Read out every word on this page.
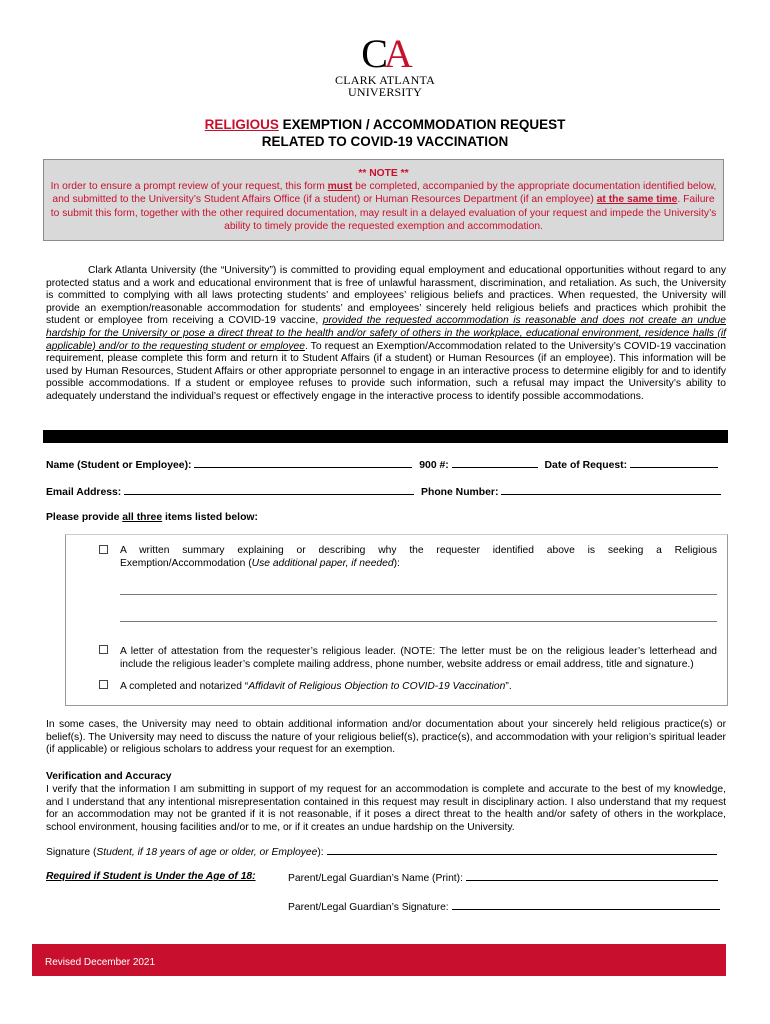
CA
CLARK ATLANTA
UNIVERSITY
RELIGIOUS EXEMPTION / ACCOMMODATION REQUEST
RELATED TO COVID-19 VACCINATION
** NOTE **
In order to ensure a prompt review of your request, this form must be completed, accompanied by the appropriate documentation identified below, and submitted to the University’s Student Affairs Office (if a student) or Human Resources Department (if an employee) at the same time. Failure to submit this form, together with the other required documentation, may result in a delayed evaluation of your request and impede the University’s ability to timely provide the requested exemption and accommodation.
Clark Atlanta University (the “University”) is committed to providing equal employment and educational opportunities without regard to any protected status and a work and educational environment that is free of unlawful harassment, discrimination, and retaliation. As such, the University is committed to complying with all laws protecting students’ and employees’ religious beliefs and practices. When requested, the University will provide an exemption/reasonable accommodation for students’ and employees’ sincerely held religious beliefs and practices which prohibit the student or employee from receiving a COVID-19 vaccine, provided the requested accommodation is reasonable and does not create an undue hardship for the University or pose a direct threat to the health and/or safety of others in the workplace, educational environment, residence halls (if applicable) and/or to the requesting student or employee. To request an Exemption/Accommodation related to the University’s COVID-19 vaccination requirement, please complete this form and return it to Student Affairs (if a student) or Human Resources (if an employee). This information will be used by Human Resources, Student Affairs or other appropriate personnel to engage in an interactive process to determine eligibly for and to identify possible accommodations. If a student or employee refuses to provide such information, such a refusal may impact the University’s ability to adequately understand the individual’s request or effectively engage in the interactive process to identify possible accommodations.
Name (Student or Employee):	900 #:	Date of Request:
Email Address:	Phone Number:
Please provide all three items listed below:
A written summary explaining or describing why the requester identified above is seeking a Religious
Exemption/Accommodation (Use additional paper, if needed):
A letter of attestation from the requester’s religious leader. (NOTE: The letter must be on the religious leader’s letterhead and include the religious leader’s complete mailing address, phone number, website address or email address, title and signature.)
A completed and notarized “Affidavit of Religious Objection to COVID-19 Vaccination”.
In some cases, the University may need to obtain additional information and/or documentation about your sincerely held religious practice(s) or belief(s). The University may need to discuss the nature of your religious belief(s), practice(s), and accommodation with your religion’s spiritual leader (if applicable) or religious scholars to address your request for an exemption.
Verification and Accuracy
I verify that the information I am submitting in support of my request for an accommodation is complete and accurate to the best of my knowledge, and I understand that any intentional misrepresentation contained in this request may result in disciplinary action. I also understand that my request for an accommodation may not be granted if it is not reasonable, if it poses a direct threat to the health and/or safety of others in the workplace, school environment, housing facilities and/or to me, or if it creates an undue hardship on the University.
Signature (Student, if 18 years of age or older, or Employee):
Required if Student is Under the Age of 18:	Parent/Legal Guardian’s Name (Print):
Parent/Legal Guardian’s Signature:
Revised December 2021
